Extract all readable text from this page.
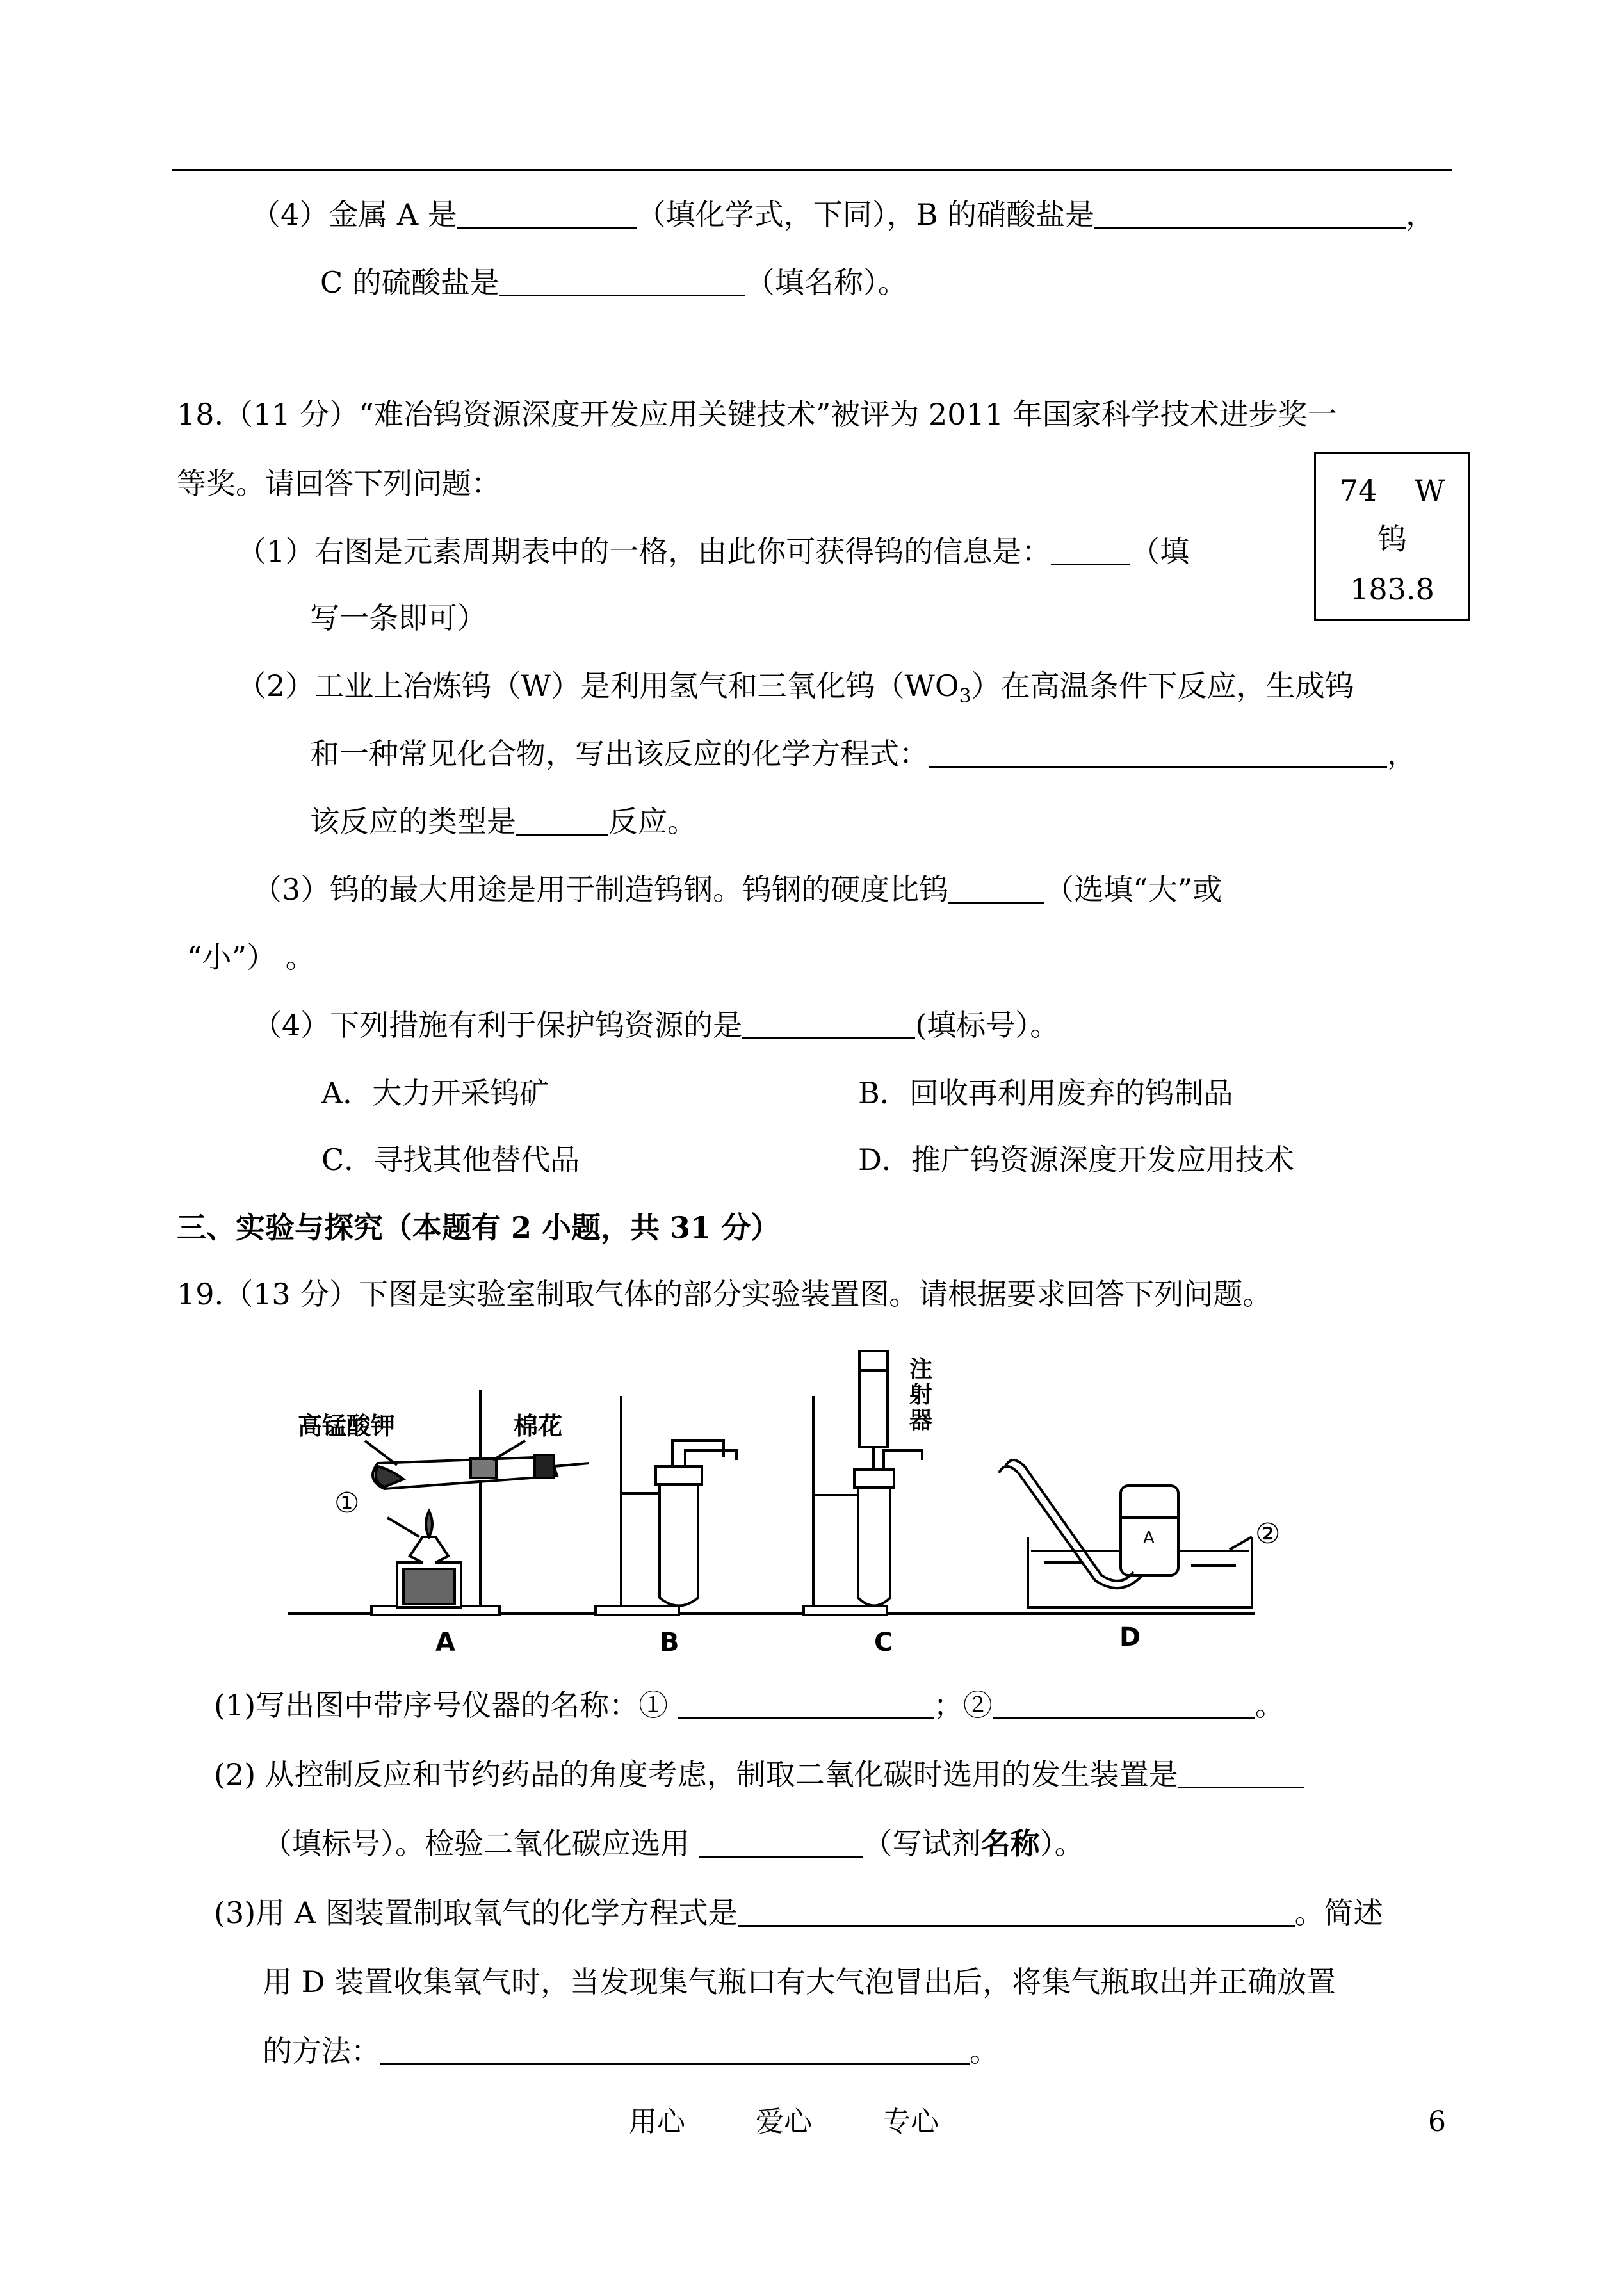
（4）金属 A 是	（填化学式，下同），B 的硝酸盐是	，
C 的硫酸盐是	（填名称）。
18.（11 分）“难冶钨资源深度开发应用关键技术”被评为 2011 年国家科学技术进步奖一
等奖。请回答下列问题：	74 W
钨
183.8
（1）右图是元素周期表中的一格，由此你可获得钨的信息是：	（填
写一条即可）
（2）工业上冶炼钨（W）是利用氢气和三氧化钨$(WO_3)$在高温条件下反应，生成钨
和一种常见化合物，写出该反应的化学方程式：	，
该反应的类型是	反应。
（3）钨的最大用途是用于制造钨钢。钨钢的硬度比钨	（选填“大”或
“小”） 。
（4）下列措施有利于保护钨资源的是	(填标号）。
A．大力开采钨矿	B．回收再利用废弃的钨制品
C．寻找其他替代品	D．推广钨资源深度开发应用技术
三、实验与探究（本题有 2 小题，共 31 分）
19.（13 分）下图是实验室制取气体的部分实验装置图。请根据要求回答下列问题。
高锰酸钾	棉花
①
注 射 器
A	②
A	B	C	D
(1)写出图中带序号仪器的名称：①	；②	。
(2) 从控制反应和节约药品的角度考虑，制取二氧化碳时选用的发生装置是
（填标号）。检验二氧化碳应选用	（写试剂名称）。
(3)用 A 图装置制取氧气的化学方程式是	。简述
用 D 装置收集氧气时，当发现集气瓶口有大气泡冒出后，将集气瓶取出并正确放置
的方法：	。
用心	爱心	专心	6
